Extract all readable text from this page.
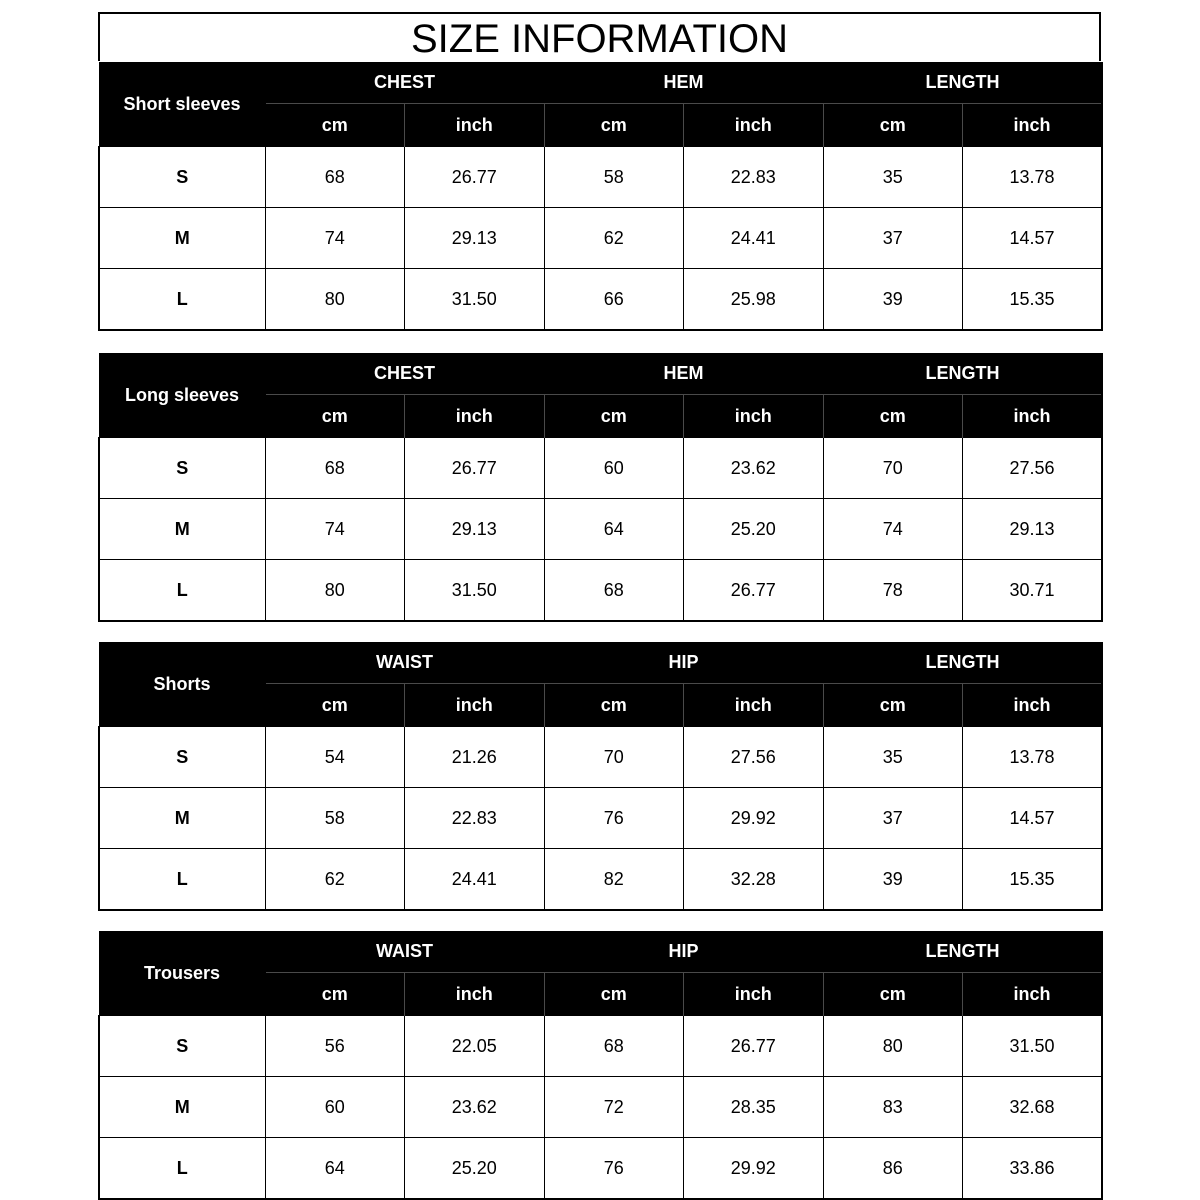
SIZE INFORMATION
Short sleeves	CHEST		HEM		LENGTH	
	cm	inch	cm	inch	cm	inch
S	68	26.77	58	22.83	35	13.78
M	74	29.13	62	24.41	37	14.57
L	80	31.50	66	25.98	39	15.35
Long sleeves	CHEST		HEM		LENGTH	
	cm	inch	cm	inch	cm	inch
S	68	26.77	60	23.62	70	27.56
M	74	29.13	64	25.20	74	29.13
L	80	31.50	68	26.77	78	30.71
Shorts	WAIST		HIP		LENGTH	
	cm	inch	cm	inch	cm	inch
S	54	21.26	70	27.56	35	13.78
M	58	22.83	76	29.92	37	14.57
L	62	24.41	82	32.28	39	15.35
Trousers	WAIST		HIP		LENGTH	
	cm	inch	cm	inch	cm	inch
S	56	22.05	68	26.77	80	31.50
M	60	23.62	72	28.35	83	32.68
L	64	25.20	76	29.92	86	33.86
